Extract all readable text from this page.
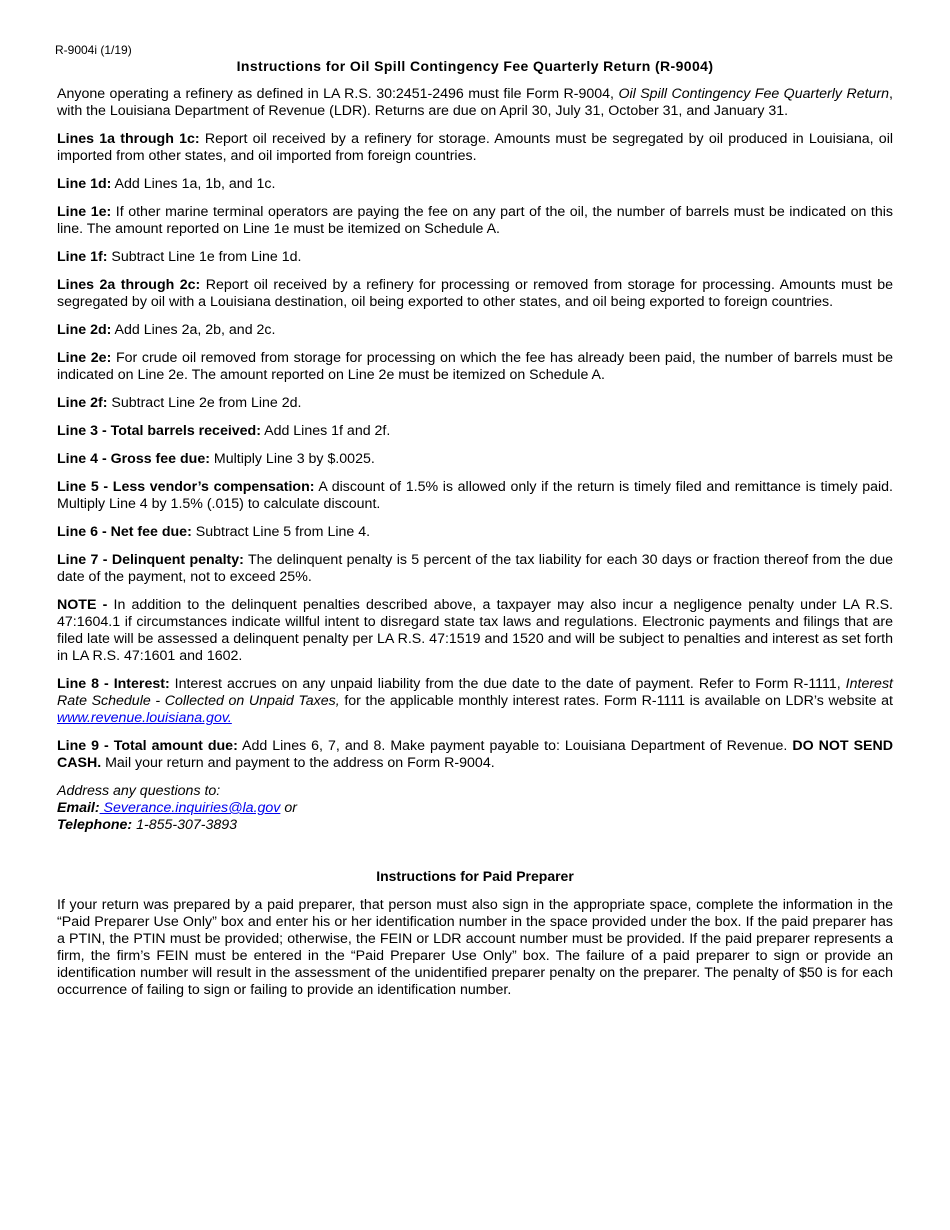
R-9004i (1/19)
Instructions for Oil Spill Contingency Fee Quarterly Return (R-9004)

Anyone operating a refinery as defined in LA R.S. 30:2451-2496 must file Form R-9004, Oil Spill Contingency Fee Quarterly Return, with the Louisiana Department of Revenue (LDR). Returns are due on April 30, July 31, October 31, and January 31.

Lines 1a through 1c: Report oil received by a refinery for storage. Amounts must be segregated by oil produced in Louisiana, oil imported from other states, and oil imported from foreign countries.

Line 1d: Add Lines 1a, 1b, and 1c.

Line 1e: If other marine terminal operators are paying the fee on any part of the oil, the number of barrels must be indicated on this line. The amount reported on Line 1e must be itemized on Schedule A.

Line 1f: Subtract Line 1e from Line 1d.

Lines 2a through 2c: Report oil received by a refinery for processing or removed from storage for processing. Amounts must be segregated by oil with a Louisiana destination, oil being exported to other states, and oil being exported to foreign countries.

Line 2d: Add Lines 2a, 2b, and 2c.

Line 2e: For crude oil removed from storage for processing on which the fee has already been paid, the number of barrels must be indicated on Line 2e. The amount reported on Line 2e must be itemized on Schedule A.

Line 2f: Subtract Line 2e from Line 2d.

Line 3 - Total barrels received: Add Lines 1f and 2f.

Line 4 - Gross fee due: Multiply Line 3 by $.0025.

Line 5 - Less vendor’s compensation: A discount of 1.5% is allowed only if the return is timely filed and remittance is timely paid. Multiply Line 4 by 1.5% (.015) to calculate discount.

Line 6 - Net fee due: Subtract Line 5 from Line 4.

Line 7 - Delinquent penalty: The delinquent penalty is 5 percent of the tax liability for each 30 days or fraction thereof from the due date of the payment, not to exceed 25%.

NOTE - In addition to the delinquent penalties described above, a taxpayer may also incur a negligence penalty under LA R.S. 47:1604.1 if circumstances indicate willful intent to disregard state tax laws and regulations. Electronic payments and filings that are filed late will be assessed a delinquent penalty per LA R.S. 47:1519 and 1520 and will be subject to penalties and interest as set forth in LA R.S. 47:1601 and 1602.

Line 8 - Interest: Interest accrues on any unpaid liability from the due date to the date of payment. Refer to Form R-1111, Interest Rate Schedule - Collected on Unpaid Taxes, for the applicable monthly interest rates. Form R-1111 is available on LDR’s website at www.revenue.louisiana.gov.

Line 9 - Total amount due: Add Lines 6, 7, and 8. Make payment payable to: Louisiana Department of Revenue. DO NOT SEND CASH. Mail your return and payment to the address on Form R-9004.

Address any questions to:
Email: Severance.inquiries@la.gov or
Telephone: 1-855-307-3893
Instructions for Paid Preparer

If your return was prepared by a paid preparer, that person must also sign in the appropriate space, complete the information in the “Paid Preparer Use Only” box and enter his or her identification number in the space provided under the box. If the paid preparer has a PTIN, the PTIN must be provided; otherwise, the FEIN or LDR account number must be provided. If the paid preparer represents a firm, the firm’s FEIN must be entered in the “Paid Preparer Use Only” box. The failure of a paid preparer to sign or provide an identification number will result in the assessment of the unidentified preparer penalty on the preparer. The penalty of $50 is for each occurrence of failing to sign or failing to provide an identification number.
